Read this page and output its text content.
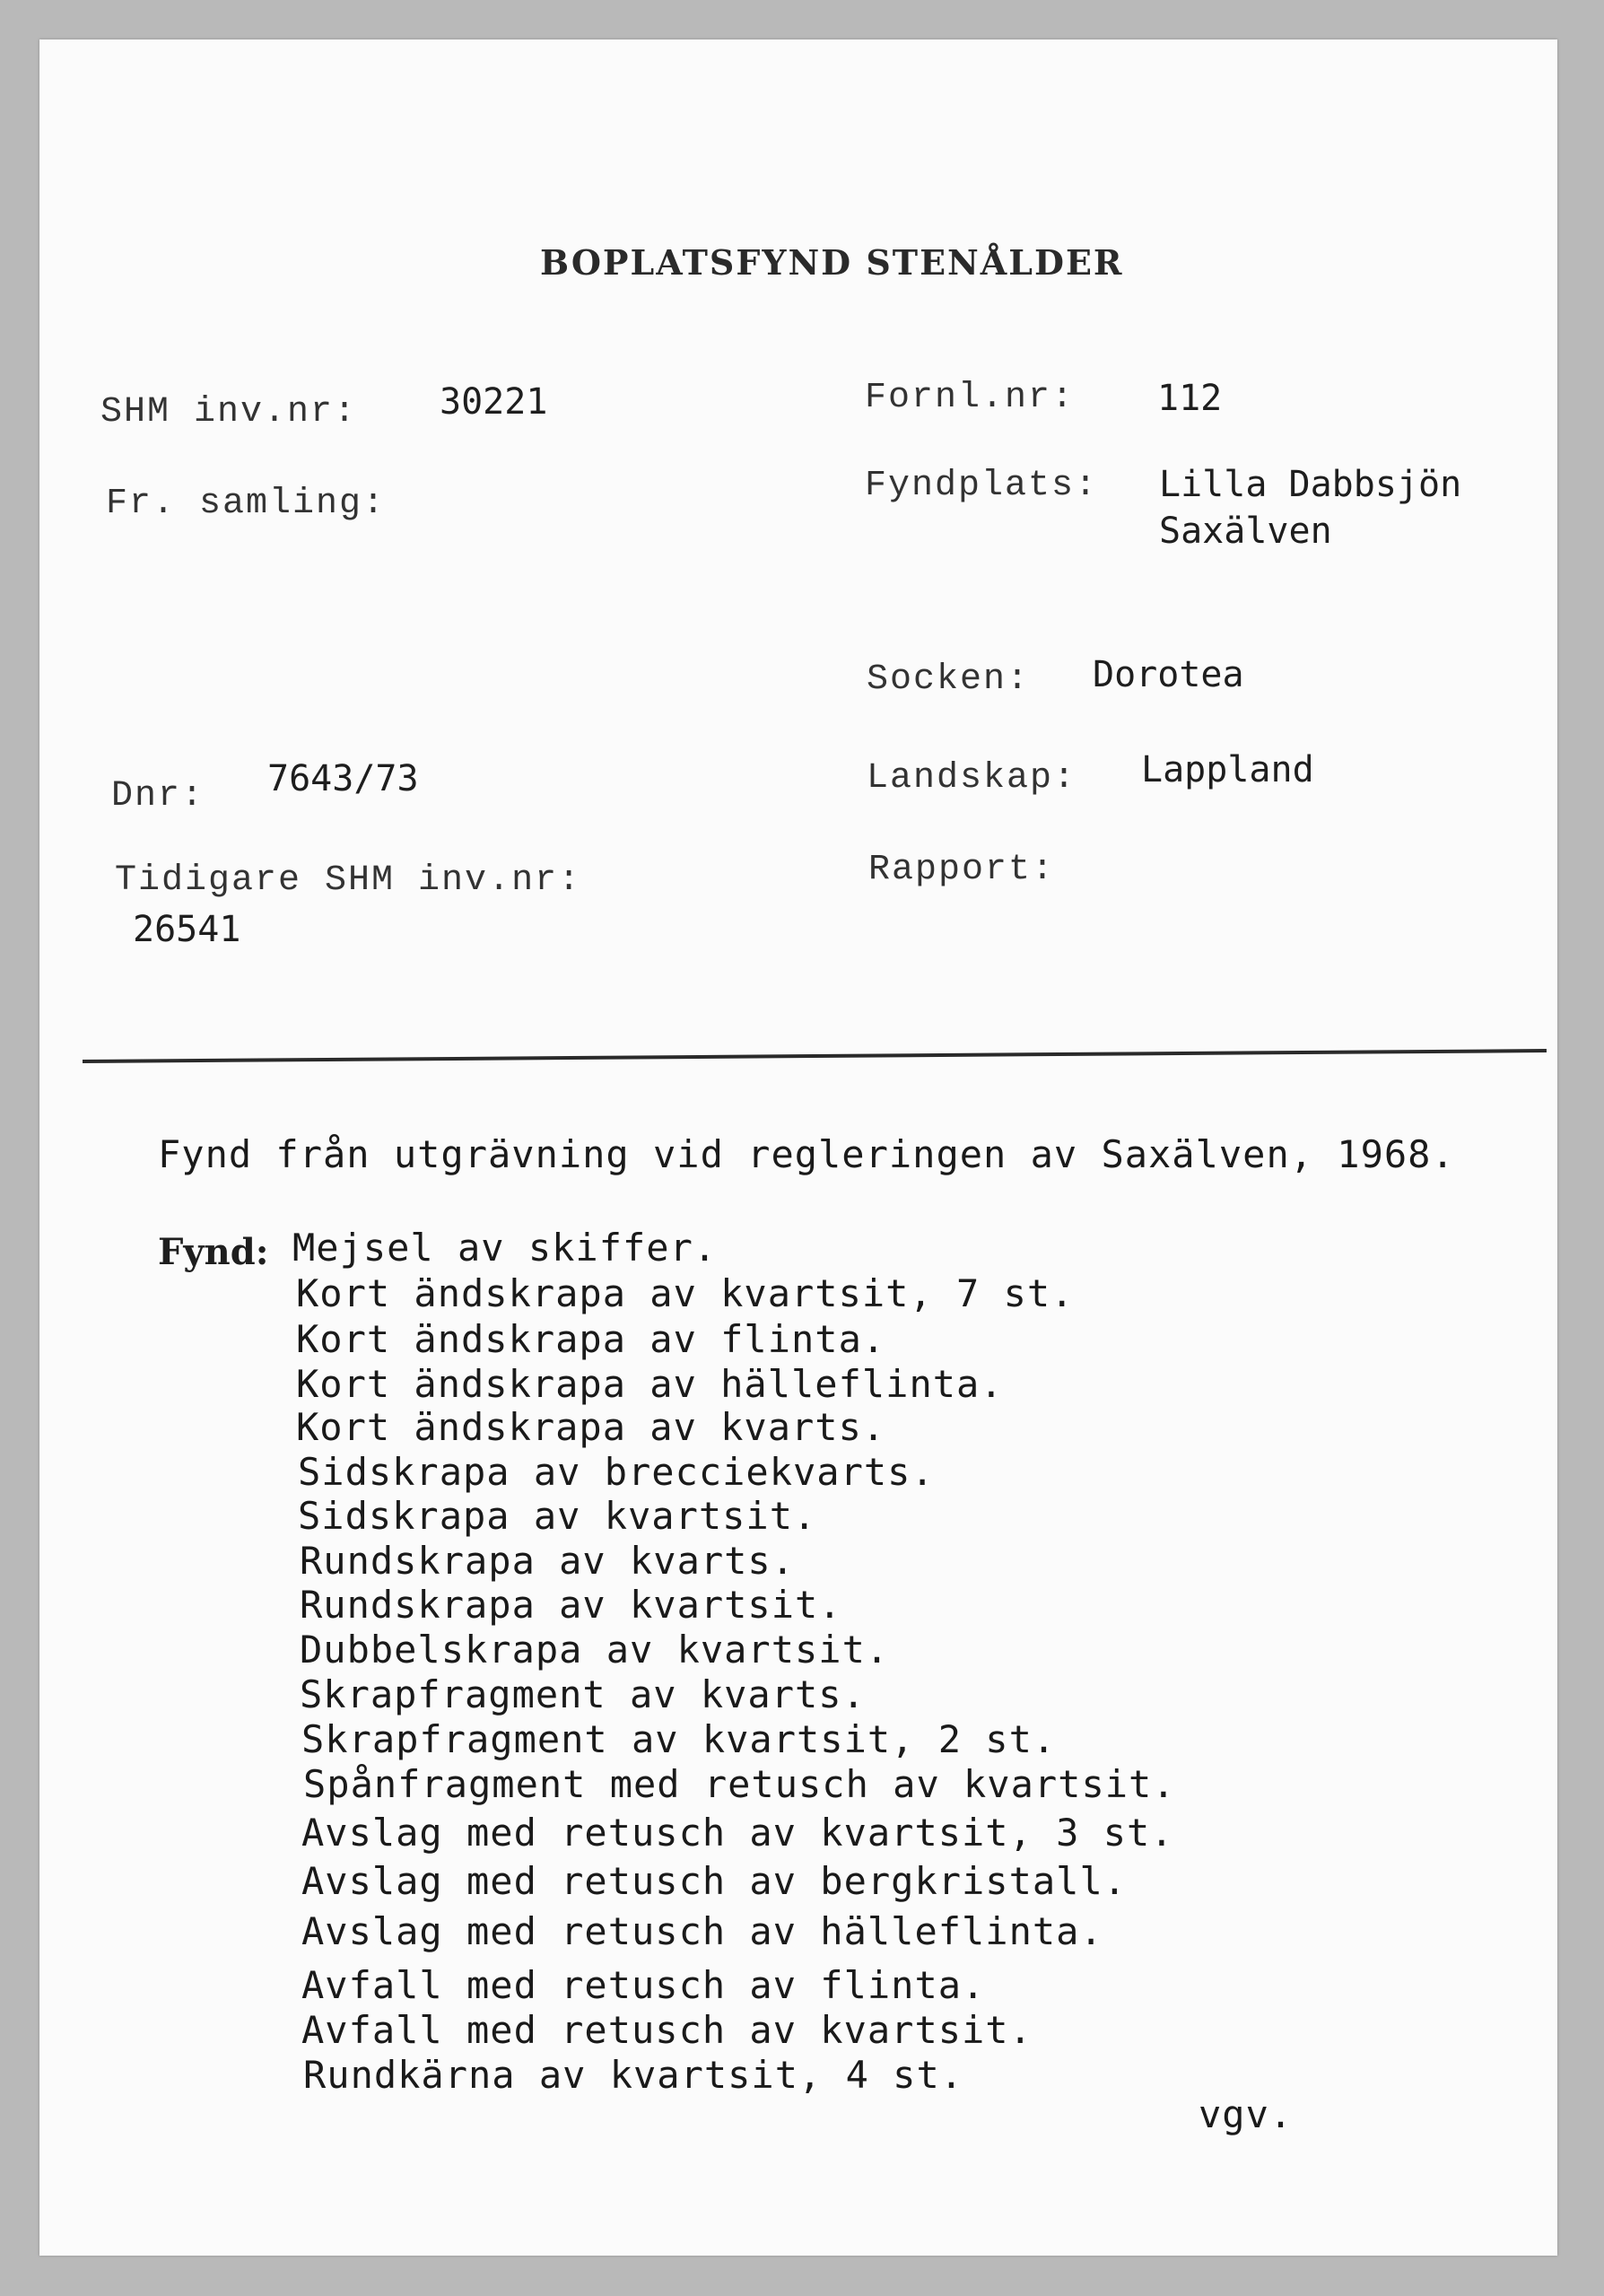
BOPLATSFYND STENÅLDER
SHM inv.nr: 30221
Fr. samling:
Fornl.nr: 112
Fyndplats: Lilla Dabbsjön
Saxälven
Socken: Dorotea
Dnr: 7643/73	Landskap: Lappland
Tidigare SHM inv.nr:
26541
Rapport:
Fynd från utgrävning vid regleringen av Saxälven, 1968.
Fynd: Mejsel av skiffer.
Kort ändskrapa av kvartsit, 7 st.
Kort ändskrapa av flinta.
Kort ändskrapa av hälleflinta.
Kort ändskrapa av kvarts.
Sidskrapa av brecciekvarts.
Sidskrapa av kvartsit.
Rundskrapa av kvarts.
Rundskrapa av kvartsit.
Dubbelskrapa av kvartsit.
Skrapfragment av kvarts.
Skrapfragment av kvartsit, 2 st.
Spånfragment med retusch av kvartsit.
Avslag med retusch av kvartsit, 3 st.
Avslag med retusch av bergkristall.
Avslag med retusch av hälleflinta.
Avfall med retusch av flinta.
Avfall med retusch av kvartsit.
Rundkärna av kvartsit, 4 st.
vgv.
